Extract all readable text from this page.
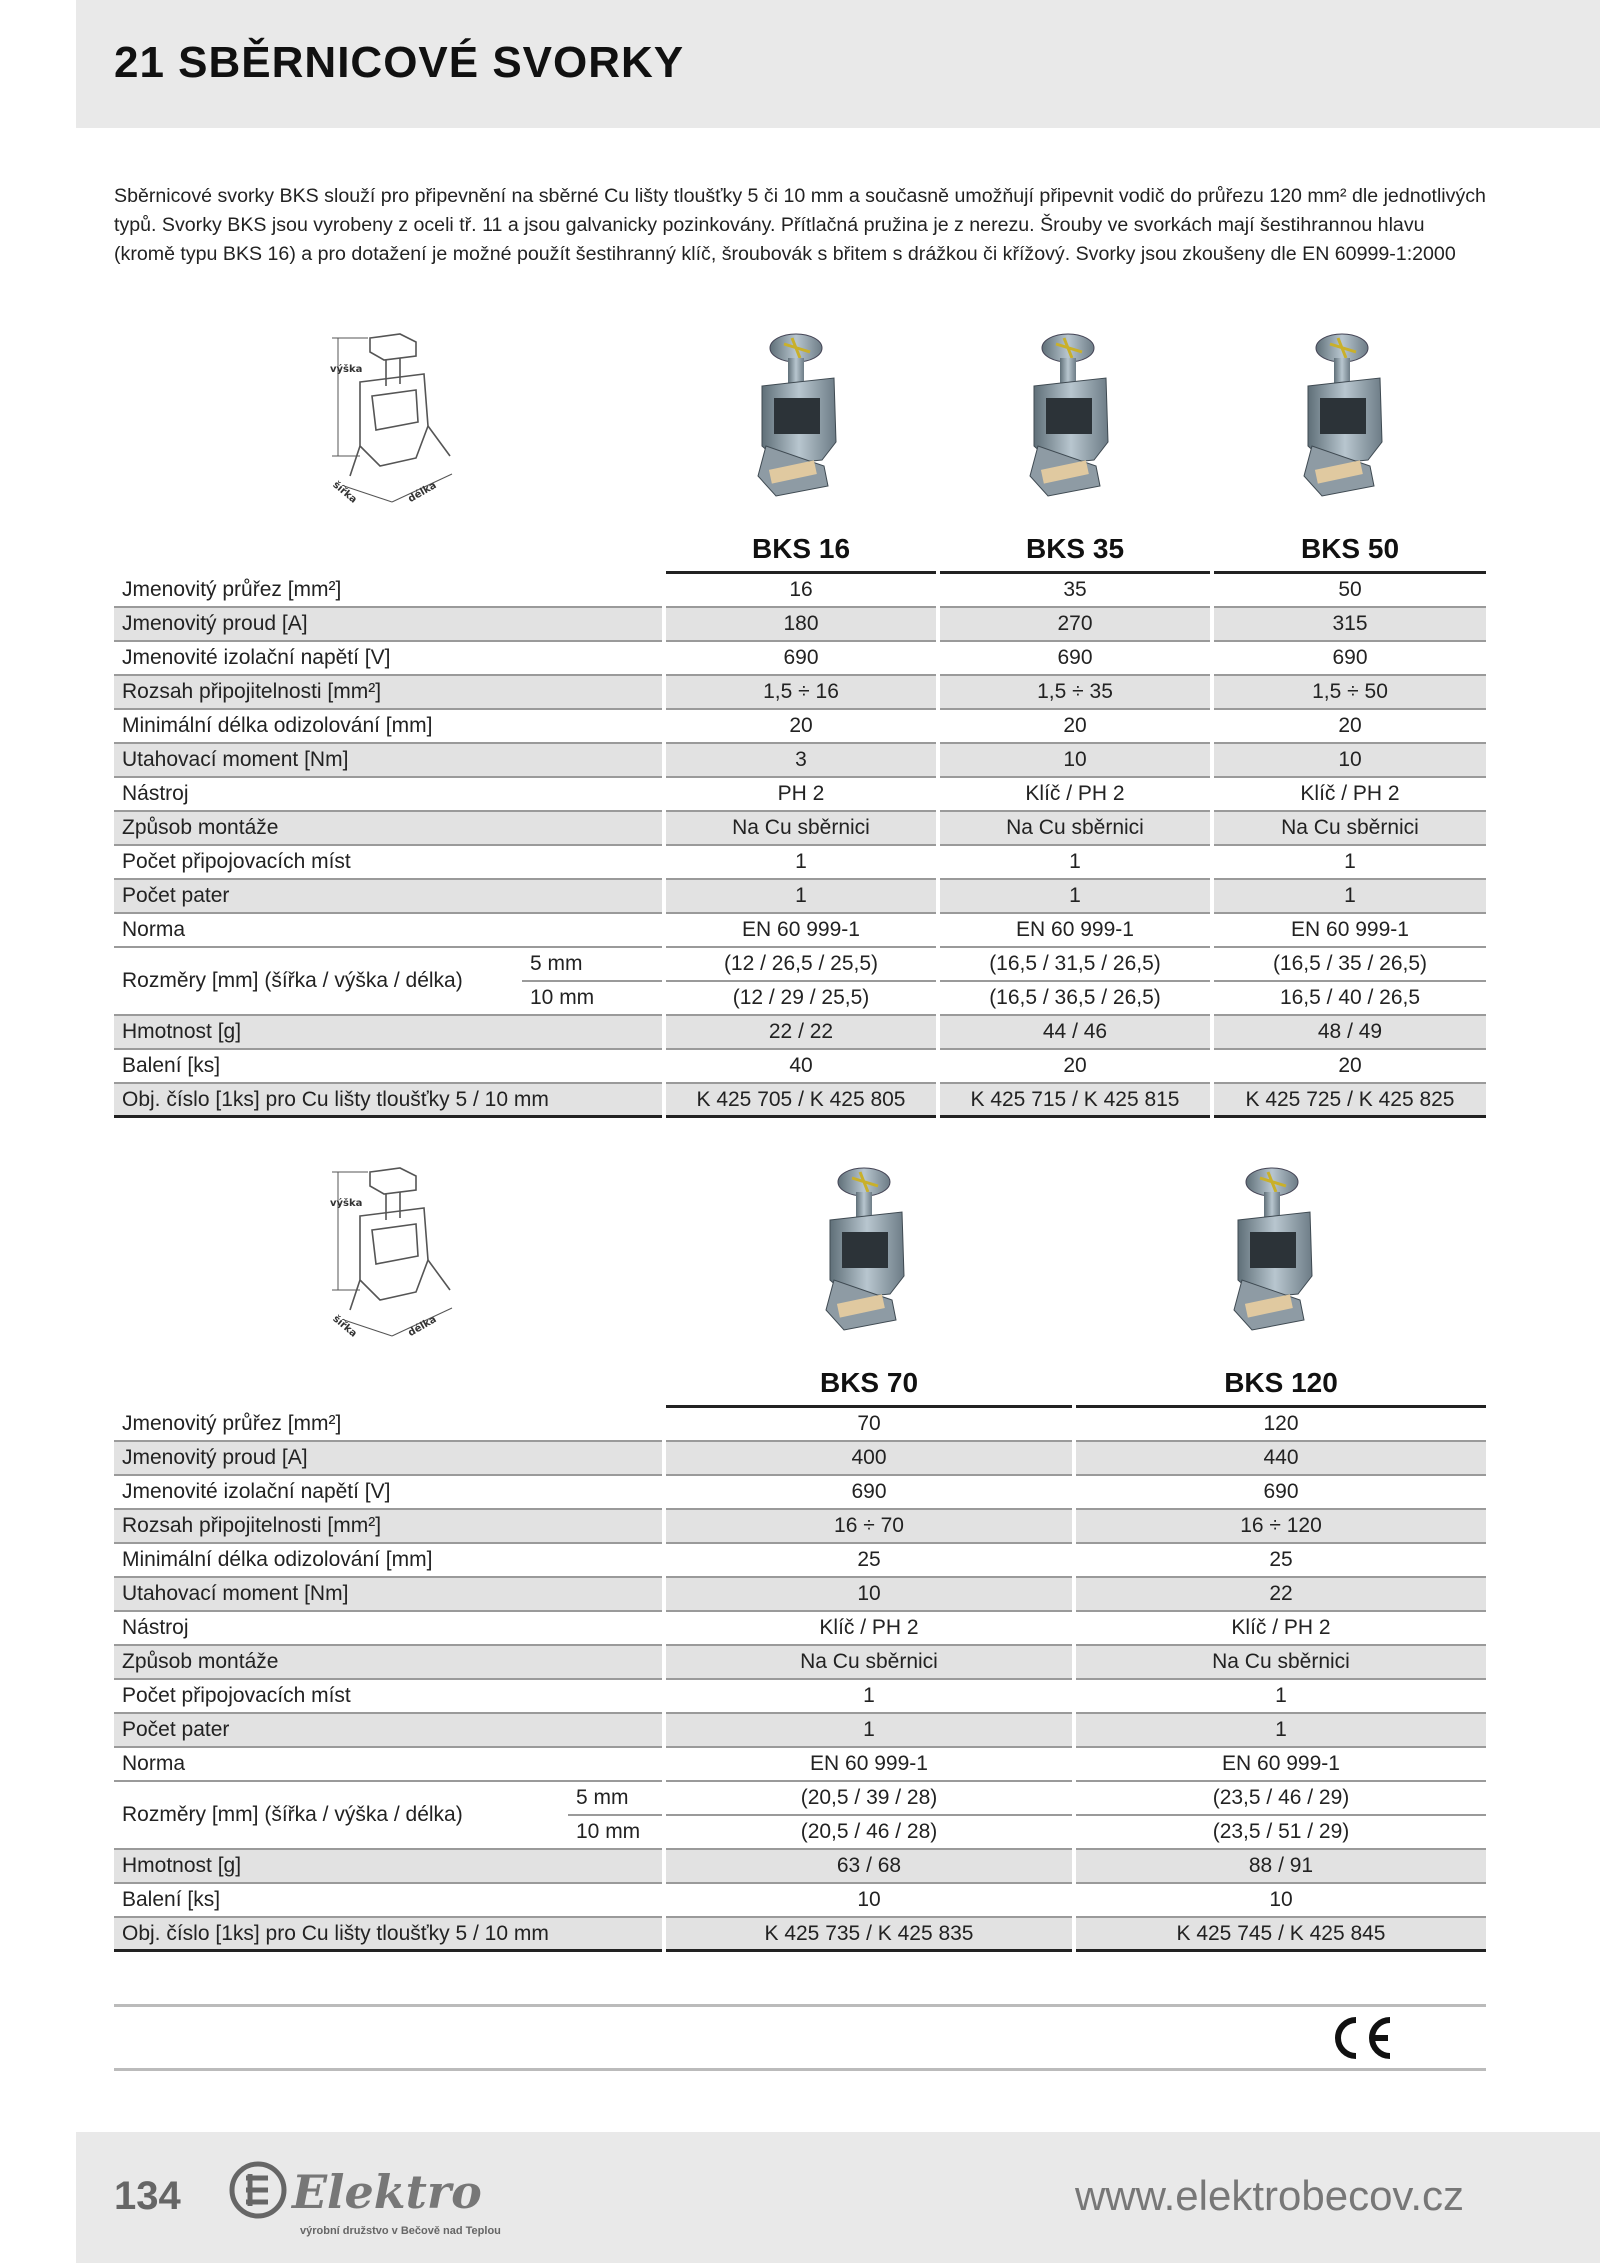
21 SBĚRNICOVÉ SVORKY

Sběrnicové svorky BKS slouží pro připevnění na sběrné Cu lišty tloušťky 5 či 10 mm a současně umožňují připevnit vodič do průřezu 120 mm² dle jednotlivých typů. Svorky BKS jsou vyrobeny z oceli tř. 11 a jsou galvanicky pozinkovány. Přítlačná pružina je z nerezu. Šrouby ve svorkách mají šestihrannou hlavu (kromě typu BKS 16) a pro dotažení je možné použít šestihranný klíč, šroubovák s břitem s drážkou či křížový. Svorky jsou zkoušeny dle EN 60999-1:2000

výška
šířka	délka
			BKS 16		BKS 35		BKS 50
Jmenovitý průřez [mm²]			16		35		50
Jmenovitý proud [A]			180		270		315
Jmenovité izolační napětí [V]			690		690		690
Rozsah připojitelnosti [mm²]			1,5 ÷ 16		1,5 ÷ 35		1,5 ÷ 50
Minimální délka odizolování [mm]			20		20		20
Utahovací moment [Nm]			3		10		10
Nástroj			PH 2		Klíč / PH 2		Klíč / PH 2
Způsob montáže			Na Cu sběrnici		Na Cu sběrnici		Na Cu sběrnici
Počet připojovacích míst			1		1		1
Počet pater			1		1		1
Norma			EN 60 999-1		EN 60 999-1		EN 60 999-1
Rozměry [mm] (šířka / výška / délka)	5 mm		(12 / 26,5 / 25,5)		(16,5 / 31,5 / 26,5)		(16,5 / 35 / 26,5)
	10 mm		(12 / 29 / 25,5)		(16,5 / 36,5 / 26,5)		16,5 / 40 / 26,5
Hmotnost [g]			22 / 22		44 / 46		48 / 49
Balení [ks]			40		20		20
Obj. číslo [1ks] pro Cu lišty tloušťky 5 / 10 mm			K 425 705 / K 425 805		K 425 715 / K 425 815		K 425 725 / K 425 825
výška
šířka	délka
			BKS 70		BKS 120
Jmenovitý průřez [mm²]			70		120
Jmenovitý proud [A]			400		440
Jmenovité izolační napětí [V]			690		690
Rozsah připojitelnosti [mm²]			16 ÷ 70		16 ÷ 120
Minimální délka odizolování [mm]			25		25
Utahovací moment [Nm]			10		22
Nástroj			Klíč / PH 2		Klíč / PH 2
Způsob montáže			Na Cu sběrnici		Na Cu sběrnici
Počet připojovacích míst			1		1
Počet pater			1		1
Norma			EN 60 999-1		EN 60 999-1
Rozměry [mm] (šířka / výška / délka)	5 mm		(20,5 / 39 / 28)		(23,5 / 46 / 29)
	10 mm		(20,5 / 46 / 28)		(23,5 / 51 / 29)
Hmotnost [g]			63 / 68		88 / 91
Balení [ks]			10		10
Obj. číslo [1ks] pro Cu lišty tloušťky 5 / 10 mm			K 425 735 / K 425 835		K 425 745 / K 425 845
134 Elektro
výrobní družstvo v Bečově nad Teplou
www.elektrobecov.cz
